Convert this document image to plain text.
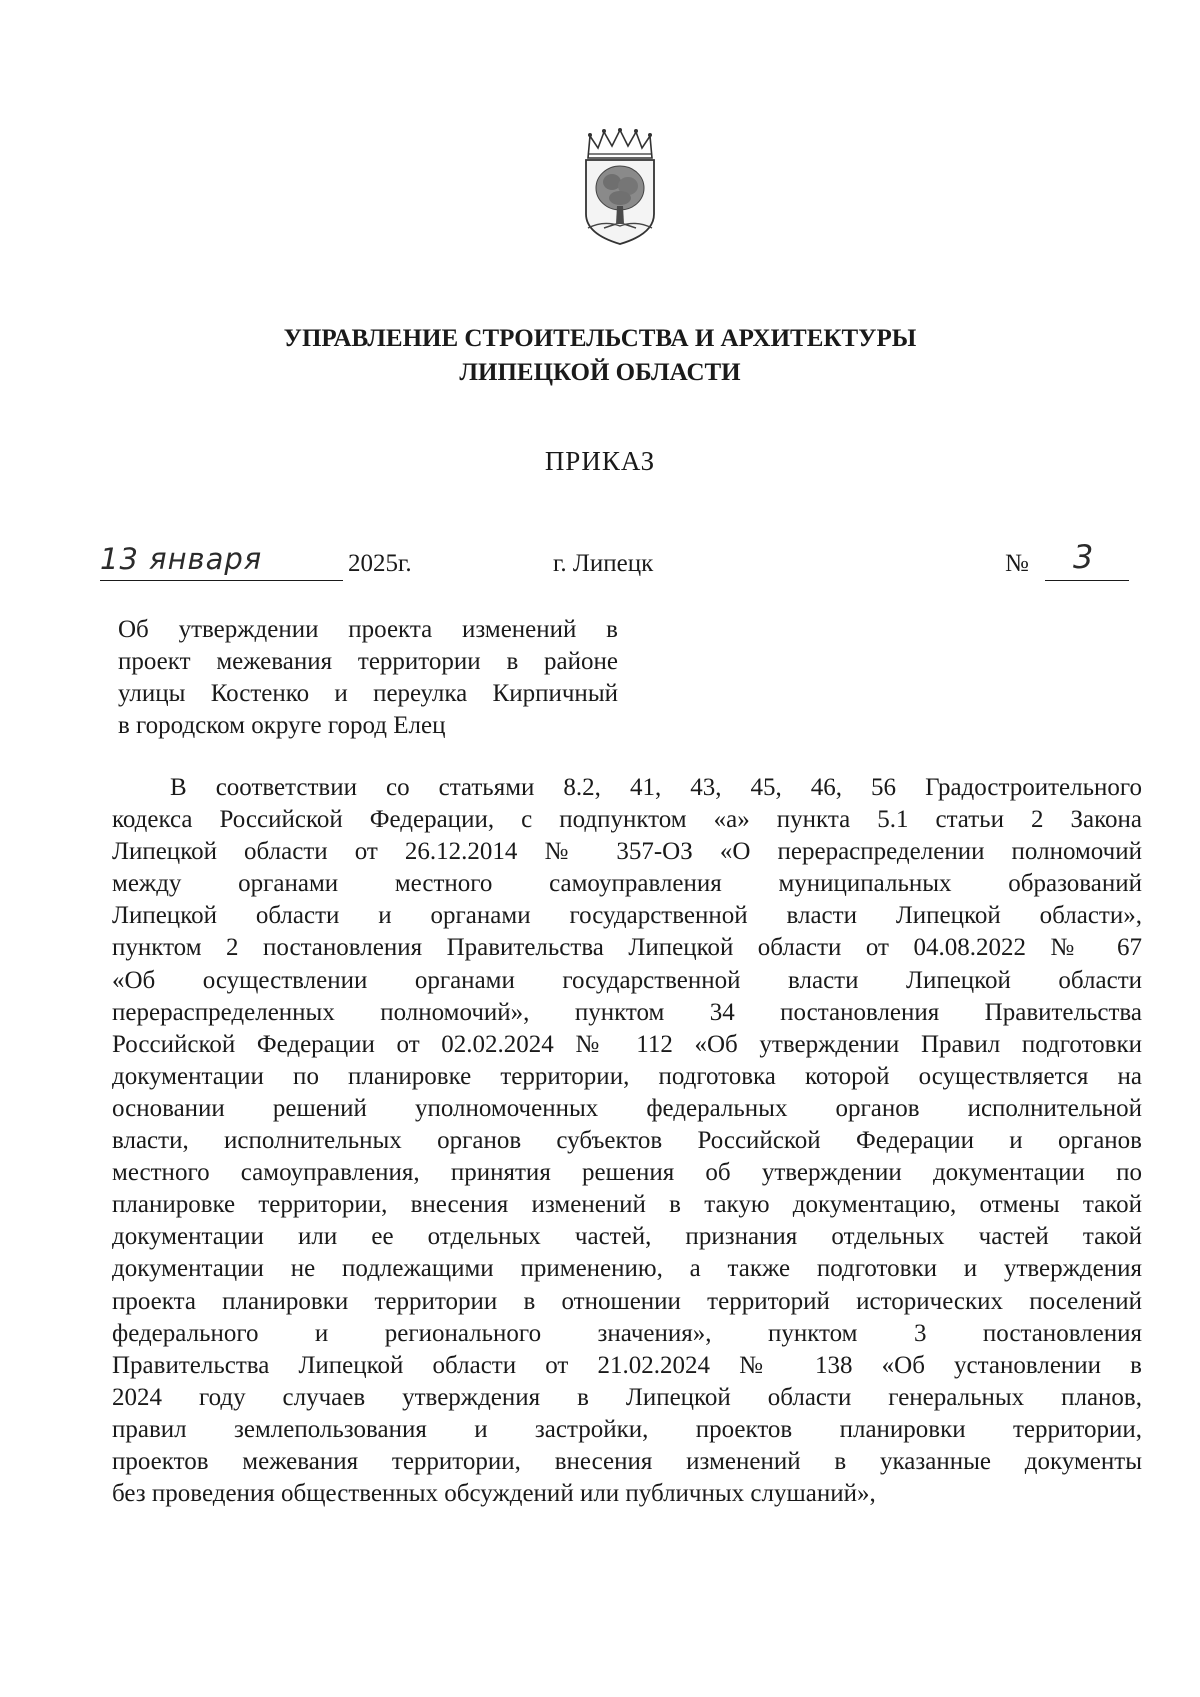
УПРАВЛЕНИЕ СТРОИТЕЛЬСТВА И АРХИТЕКТУРЫ
ЛИПЕЦКОЙ ОБЛАСТИ
ПРИКАЗ
13 января	2025г.	г. Липецк	№ 3
Об утверждении проекта изменений в
проект межевания территории в районе
улицы Костенко и переулка Кирпичный
в городском округе город Елец
В соответствии со статьями 8.2, 41, 43, 45, 46, 56 Градостроительного
кодекса Российской Федерации, с подпунктом «а» пункта 5.1 статьи 2 Закона
Липецкой области от 26.12.2014 № 357-ОЗ «О перераспределении полномочий
между органами местного самоуправления муниципальных образований
Липецкой области и органами государственной власти Липецкой области»,
пунктом 2 постановления Правительства Липецкой области от 04.08.2022 № 67
«Об осуществлении органами государственной власти Липецкой области
перераспределенных полномочий», пунктом 34 постановления Правительства
Российской Федерации от 02.02.2024 № 112 «Об утверждении Правил подготовки
документации по планировке территории, подготовка которой осуществляется на
основании решений уполномоченных федеральных органов исполнительной
власти, исполнительных органов субъектов Российской Федерации и органов
местного самоуправления, принятия решения об утверждении документации по
планировке территории, внесения изменений в такую документацию, отмены такой
документации или ее отдельных частей, признания отдельных частей такой
документации не подлежащими применению, а также подготовки и утверждения
проекта планировки территории в отношении территорий исторических поселений
федерального и регионального значения», пунктом 3 постановления
Правительства Липецкой области от 21.02.2024 № 138 «Об установлении в
2024 году случаев утверждения в Липецкой области генеральных планов,
правил землепользования и застройки, проектов планировки территории,
проектов межевания территории, внесения изменений в указанные документы
без проведения общественных обсуждений или публичных слушаний»,
